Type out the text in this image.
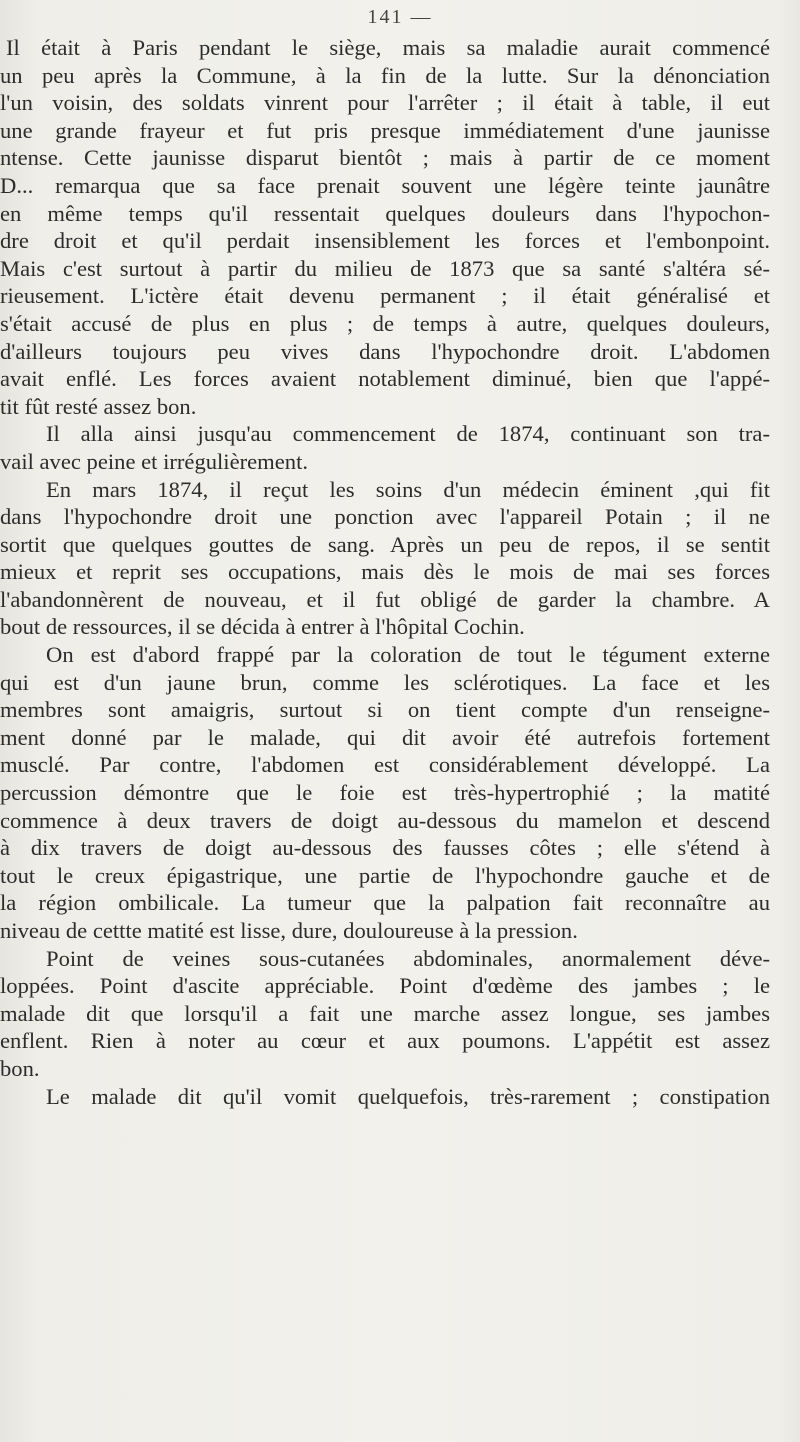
141 —
Il était à Paris pendant le siège, mais sa maladie aurait commencé
un peu après la Commune, à la fin de la lutte. Sur la dénonciation
l'un voisin, des soldats vinrent pour l'arrêter ; il était à table, il eut
une grande frayeur et fut pris presque immédiatement d'une jaunisse
ntense. Cette jaunisse disparut bientôt ; mais à partir de ce moment
D... remarqua que sa face prenait souvent une légère teinte jaunâtre
en même temps qu'il ressentait quelques douleurs dans l'hypochon-
dre droit et qu'il perdait insensiblement les forces et l'embonpoint.
Mais c'est surtout à partir du milieu de 1873 que sa santé s'altéra sé-
rieusement. L'ictère était devenu permanent ; il était généralisé et
s'était accusé de plus en plus ; de temps à autre, quelques douleurs,
d'ailleurs toujours peu vives dans l'hypochondre droit. L'abdomen
avait enflé. Les forces avaient notablement diminué, bien que l'appé-
tit fût resté assez bon.
Il alla ainsi jusqu'au commencement de 1874, continuant son tra-
vail avec peine et irrégulièrement.
En mars 1874, il reçut les soins d'un médecin éminent ,qui fit
dans l'hypochondre droit une ponction avec l'appareil Potain ; il ne
sortit que quelques gouttes de sang. Après un peu de repos, il se sentit
mieux et reprit ses occupations, mais dès le mois de mai ses forces
l'abandonnèrent de nouveau, et il fut obligé de garder la chambre. A
bout de ressources, il se décida à entrer à l'hôpital Cochin.
On est d'abord frappé par la coloration de tout le tégument externe
qui est d'un jaune brun, comme les sclérotiques. La face et les
membres sont amaigris, surtout si on tient compte d'un renseigne-
ment donné par le malade, qui dit avoir été autrefois fortement
musclé. Par contre, l'abdomen est considérablement développé. La
percussion démontre que le foie est très-hypertrophié ; la matité
commence à deux travers de doigt au-dessous du mamelon et descend
à dix travers de doigt au-dessous des fausses côtes ; elle s'étend à
tout le creux épigastrique, une partie de l'hypochondre gauche et de
la région ombilicale. La tumeur que la palpation fait reconnaître au
niveau de cettte matité est lisse, dure, douloureuse à la pression.
Point de veines sous-cutanées abdominales, anormalement déve-
loppées. Point d'ascite appréciable. Point d'œdème des jambes ; le
malade dit que lorsqu'il a fait une marche assez longue, ses jambes
enflent. Rien à noter au cœur et aux poumons. L'appétit est assez
bon.
Le malade dit qu'il vomit quelquefois, très-rarement ; constipation
